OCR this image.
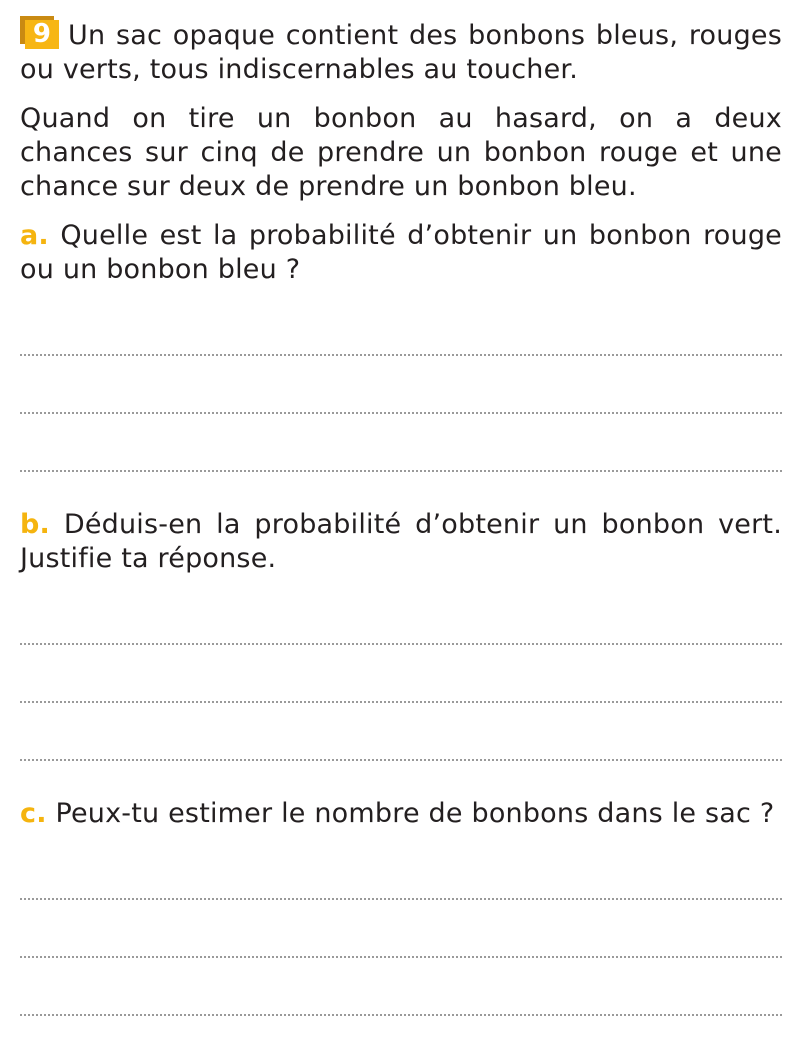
9 Un sac opaque contient des bonbons bleus, rouges ou verts, tous indiscernables au toucher.

Quand on tire un bonbon au hasard, on a deux chances sur cinq de prendre un bonbon rouge et une chance sur deux de prendre un bonbon bleu.

a. Quelle est la probabilité d’obtenir un bonbon rouge ou un bonbon bleu ?

b. Déduis-en la probabilité d’obtenir un bonbon vert. Justifie ta réponse.

c. Peux-tu estimer le nombre de bonbons dans le sac ?
